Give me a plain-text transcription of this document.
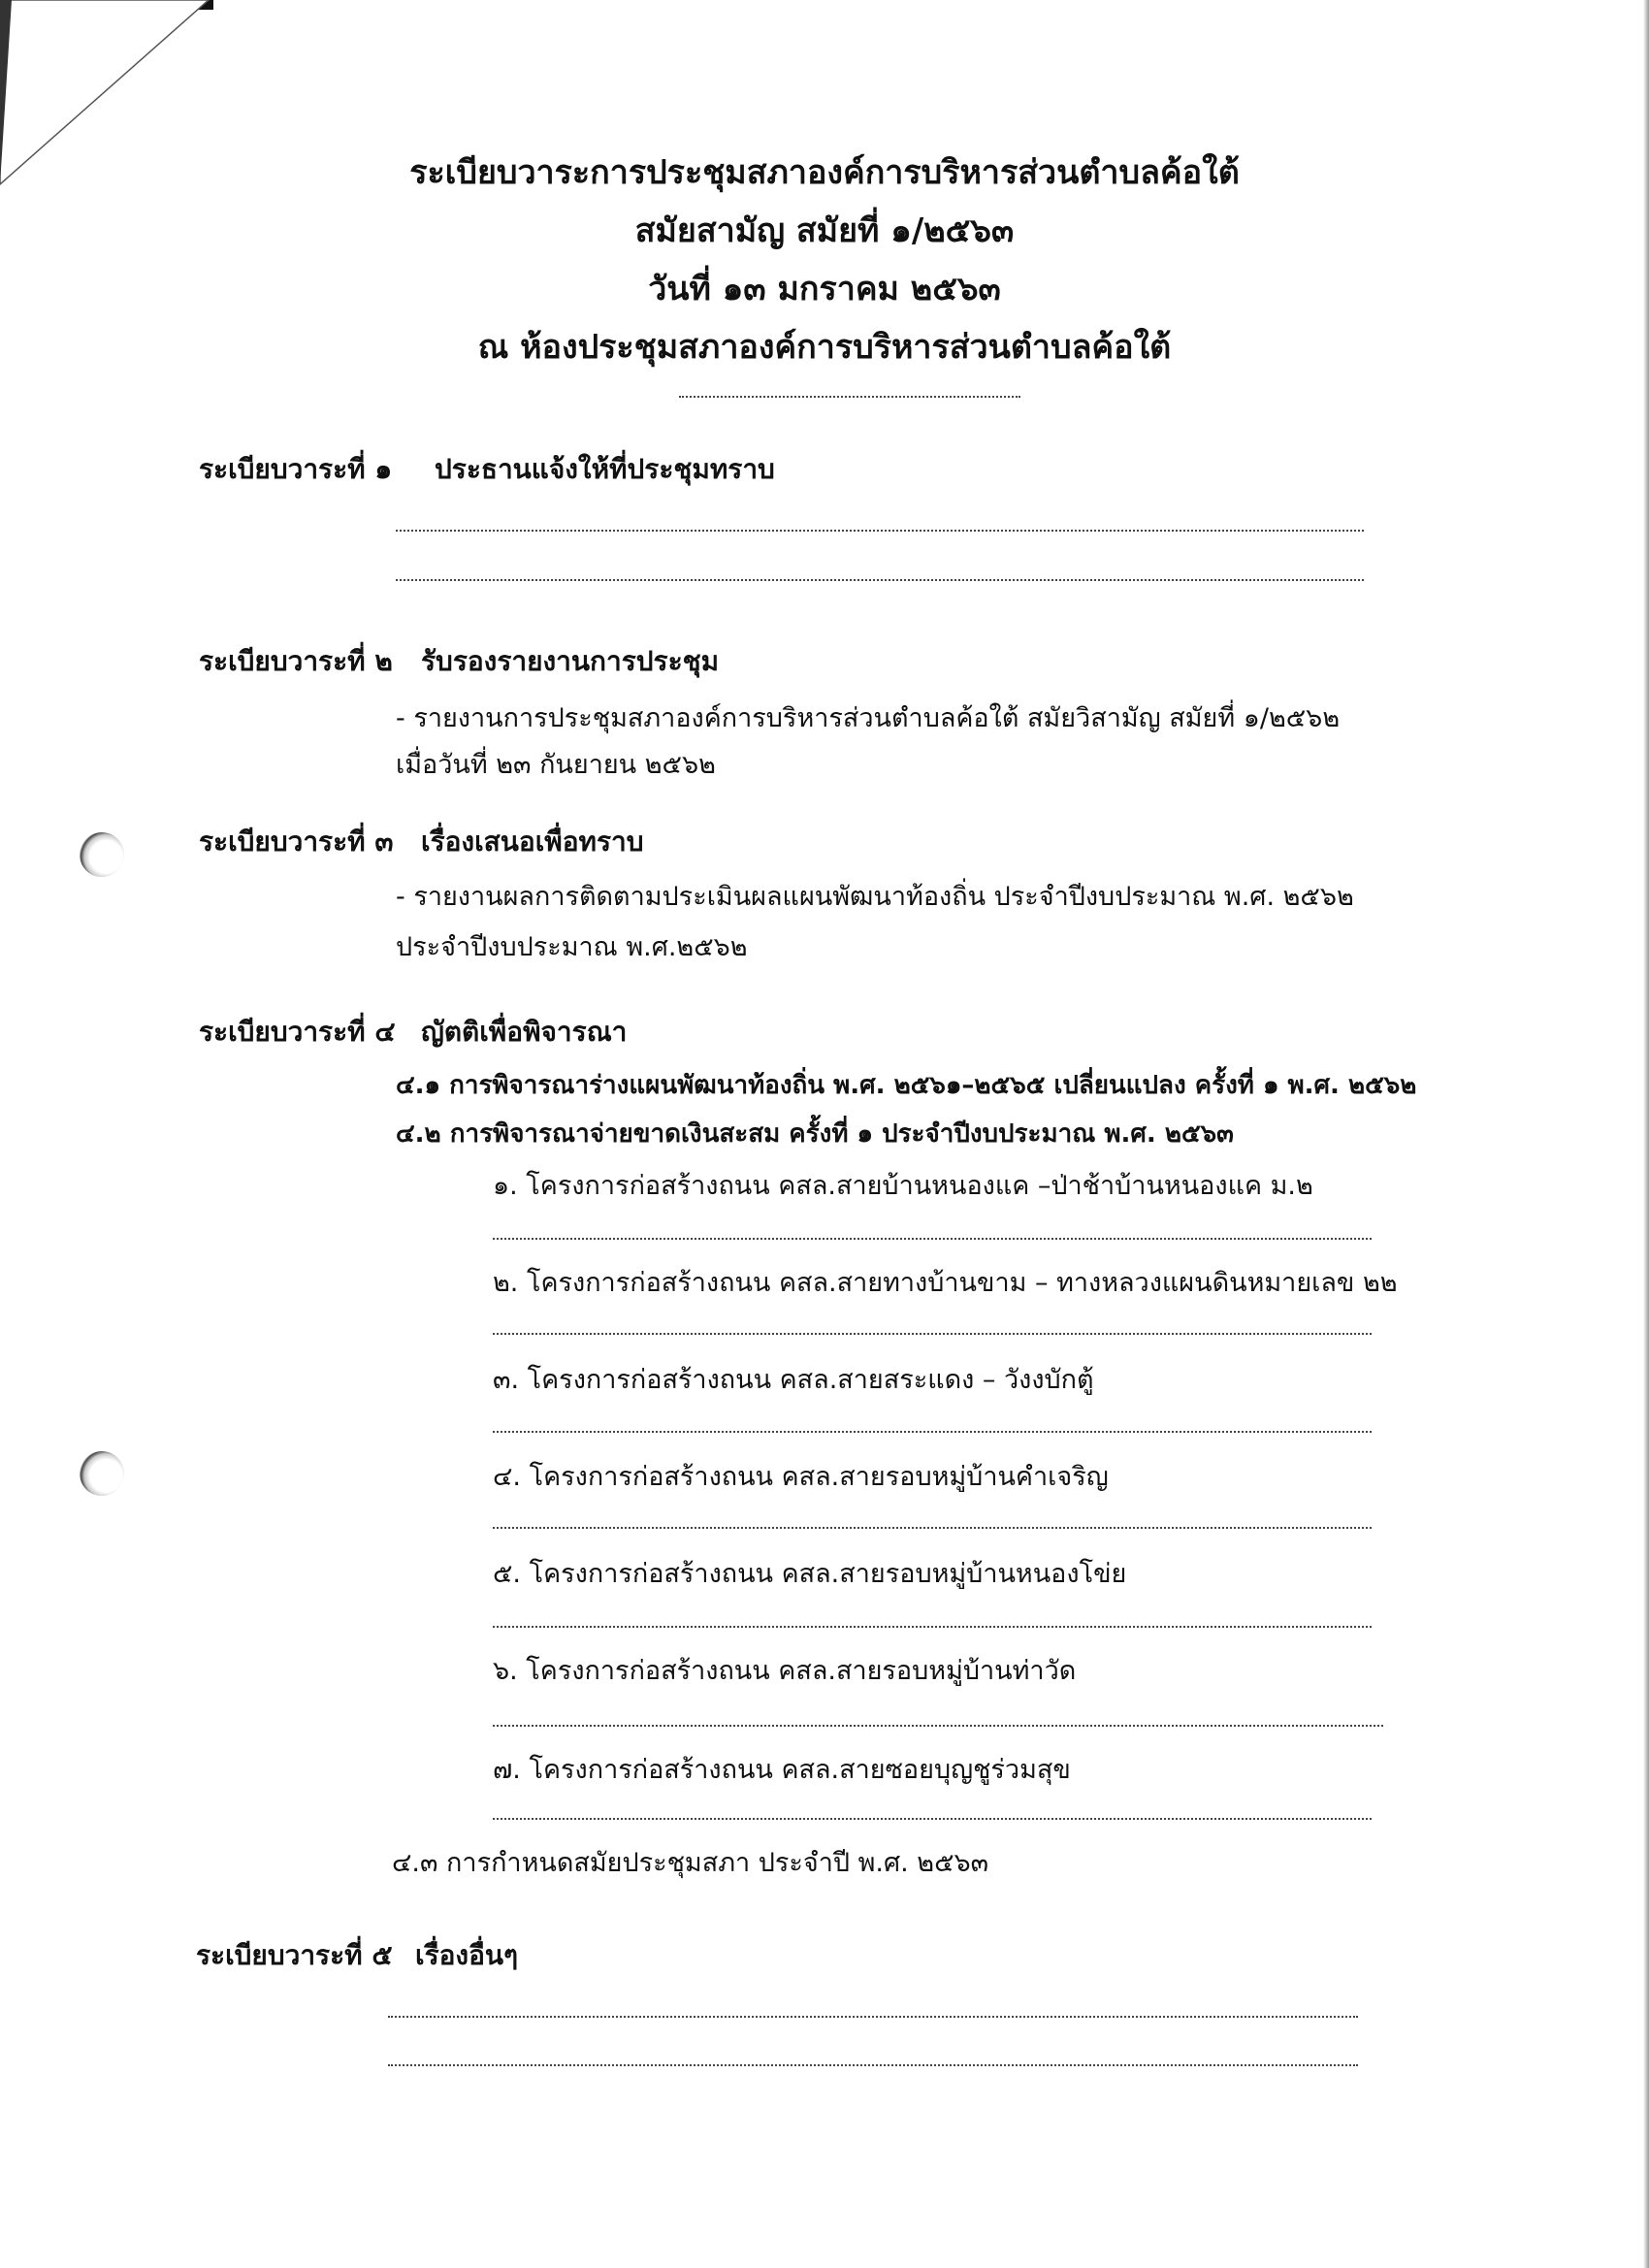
ระเบียบวาระการประชุมสภาองค์การบริหารส่วนตำบลค้อใต้
สมัยสามัญ สมัยที่ ๑/๒๕๖๓
วันที่ ๑๓ มกราคม ๒๕๖๓
ณ ห้องประชุมสภาองค์การบริหารส่วนตำบลค้อใต้
ระเบียบวาระที่ ๑ ประธานแจ้งให้ที่ประชุมทราบ
ระเบียบวาระที่ ๒ รับรองรายงานการประชุม
- รายงานการประชุมสภาองค์การบริหารส่วนตำบลค้อใต้ สมัยวิสามัญ สมัยที่ ๑/๒๕๖๒
เมื่อวันที่ ๒๓ กันยายน ๒๕๖๒
ระเบียบวาระที่ ๓ เรื่องเสนอเพื่อทราบ
- รายงานผลการติดตามประเมินผลแผนพัฒนาท้องถิ่น ประจำปีงบประมาณ พ.ศ. ๒๕๖๒
ประจำปีงบประมาณ พ.ศ.๒๕๖๒
ระเบียบวาระที่ ๔ ญัตติเพื่อพิจารณา
๔.๑ การพิจารณาร่างแผนพัฒนาท้องถิ่น พ.ศ. ๒๕๖๑–๒๕๖๕ เปลี่ยนแปลง ครั้งที่ ๑ พ.ศ. ๒๕๖๒
๔.๒ การพิจารณาจ่ายขาดเงินสะสม ครั้งที่ ๑ ประจำปีงบประมาณ พ.ศ. ๒๕๖๓
๑. โครงการก่อสร้างถนน คสล.สายบ้านหนองแค –ป่าช้าบ้านหนองแค ม.๒
๒. โครงการก่อสร้างถนน คสล.สายทางบ้านขาม – ทางหลวงแผนดินหมายเลข ๒๒
๓. โครงการก่อสร้างถนน คสล.สายสระแดง – วังงบักตู้
๔. โครงการก่อสร้างถนน คสล.สายรอบหมู่บ้านคำเจริญ
๕. โครงการก่อสร้างถนน คสล.สายรอบหมู่บ้านหนองโข่ย
๖. โครงการก่อสร้างถนน คสล.สายรอบหมู่บ้านท่าวัด
๗. โครงการก่อสร้างถนน คสล.สายซอยบุญชูร่วมสุข
๔.๓ การกำหนดสมัยประชุมสภา ประจำปี พ.ศ. ๒๕๖๓
ระเบียบวาระที่ ๕ เรื่องอื่นๆ
